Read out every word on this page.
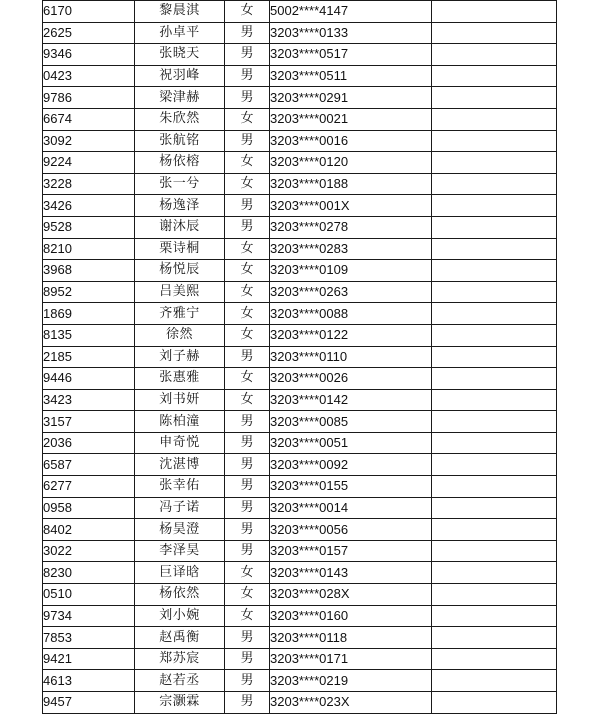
6170	黎晨淇	女	5002****4147	
2625	孙卓平	男	3203****0133	
9346	张晓天	男	3203****0517	
0423	祝羽峰	男	3203****0511	
9786	梁津赫	男	3203****0291	
6674	朱欣然	女	3203****0021	
3092	张航铭	男	3203****0016	
9224	杨依榕	女	3203****0120	
3228	张一兮	女	3203****0188	
3426	杨逸泽	男	3203****001X	
9528	谢沐辰	男	3203****0278	
8210	栗诗桐	女	3203****0283	
3968	杨悦辰	女	3203****0109	
8952	吕美熙	女	3203****0263	
1869	齐雅宁	女	3203****0088	
8135	徐然	女	3203****0122	
2185	刘子赫	男	3203****0110	
9446	张惠雅	女	3203****0026	
3423	刘书妍	女	3203****0142	
3157	陈柏潼	男	3203****0085	
2036	申奇悦	男	3203****0051	
6587	沈湛博	男	3203****0092	
6277	张幸佑	男	3203****0155	
0958	冯子诺	男	3203****0014	
8402	杨昊澄	男	3203****0056	
3022	李泽昊	男	3203****0157	
8230	巨译晗	女	3203****0143	
0510	杨依然	女	3203****028X	
9734	刘小婉	女	3203****0160	
7853	赵禹衡	男	3203****0118	
9421	郑苏宸	男	3203****0171	
4613	赵若丞	男	3203****0219	
9457	宗灏霖	男	3203****023X	
